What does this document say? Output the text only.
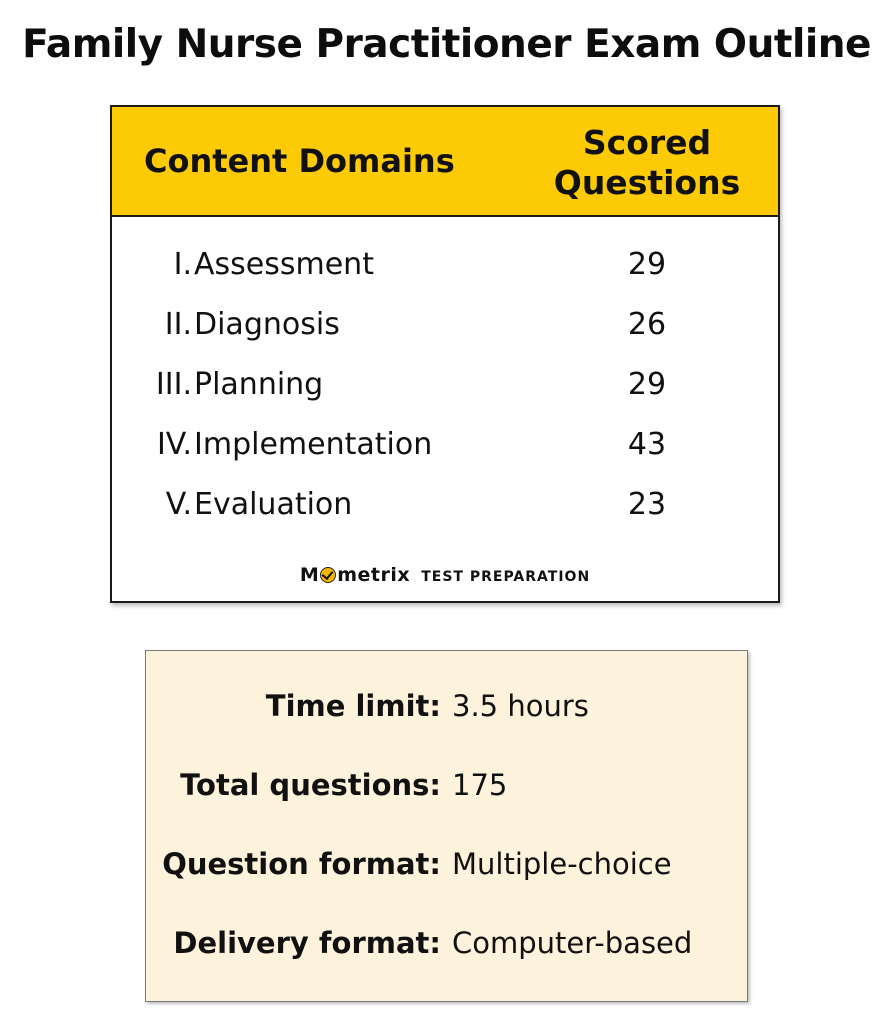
Family Nurse Practitioner Exam Outline
Content Domains	Scored
Questions
I. Assessment	29
II. Diagnosis	26
III. Planning	29
IV. Implementation	43
V. Evaluation	23
M metrix TEST PREPARATION
Time limit: 3.5 hours
Total questions: 175
Question format: Multiple-choice
Delivery format: Computer-based
